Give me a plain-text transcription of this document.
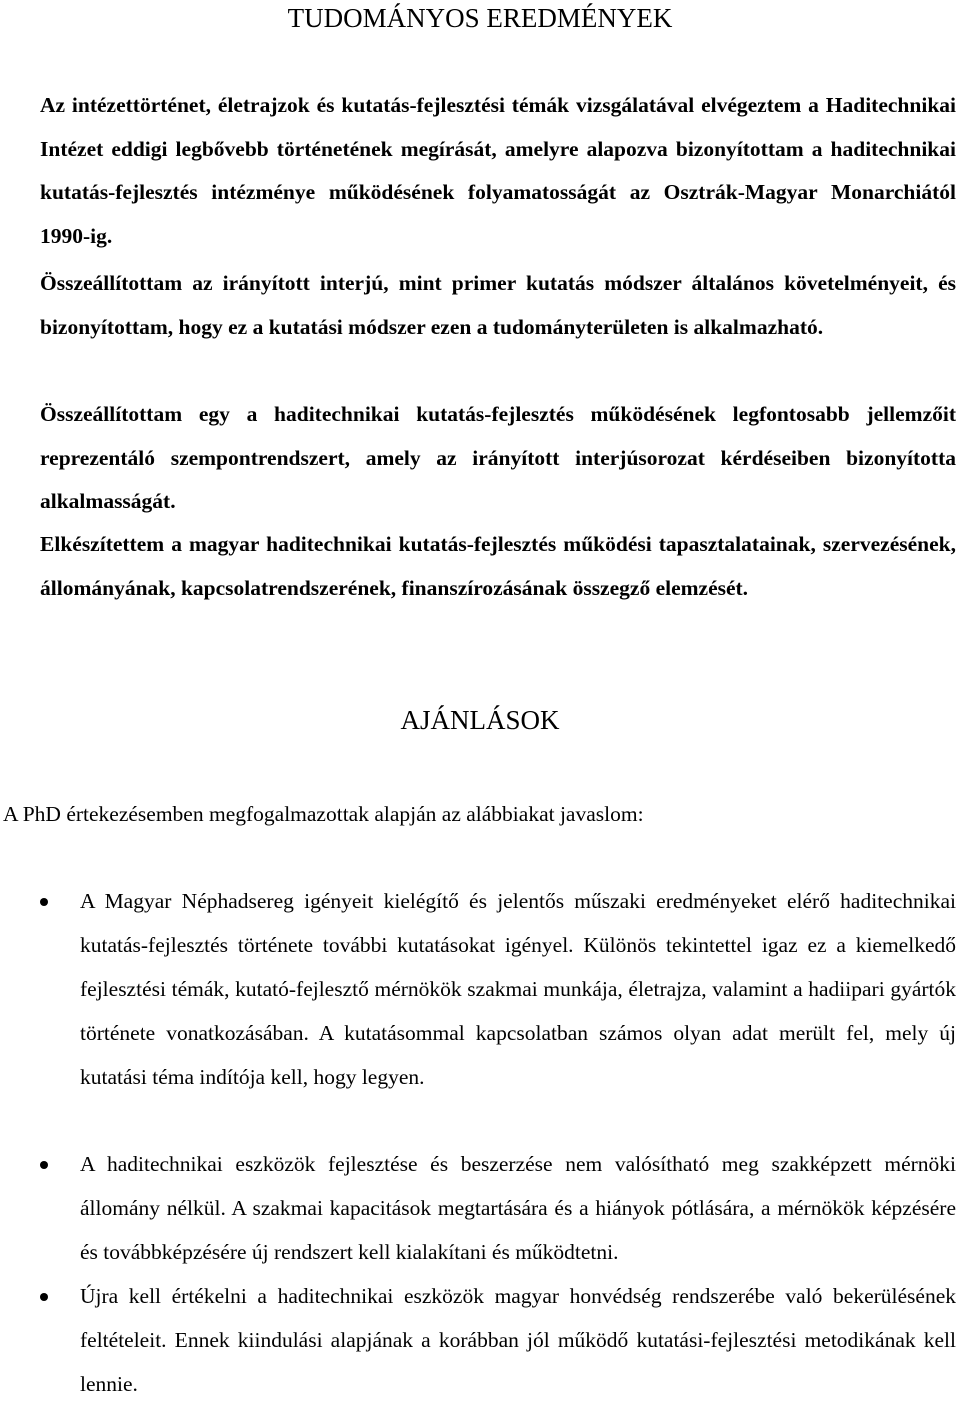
TUDOMÁNYOS EREDMÉNYEK

Az intézettörténet, életrajzok és kutatás-fejlesztési témák vizsgálatával elvégeztem a Haditechnikai Intézet eddigi legbővebb történetének megírását, amelyre alapozva bizonyítottam a haditechnikai kutatás-fejlesztés intézménye működésének folyamatosságát az Osztrák-Magyar Monarchiától 1990-ig.

Összeállítottam az irányított interjú, mint primer kutatás módszer általános követelményeit, és bizonyítottam, hogy ez a kutatási módszer ezen a tudományterületen is alkalmazható.

Összeállítottam egy a haditechnikai kutatás-fejlesztés működésének legfontosabb jellemzőit reprezentáló szempontrendszert, amely az irányított interjúsorozat kérdéseiben bizonyította alkalmasságát.

Elkészítettem a magyar haditechnikai kutatás-fejlesztés működési tapasztalatainak, szervezésének, állományának, kapcsolatrendszerének, finanszírozásának összegző elemzését.

AJÁNLÁSOK

A PhD értekezésemben megfogalmazottak alapján az alábbiakat javaslom:

A Magyar Néphadsereg igényeit kielégítő és jelentős műszaki eredményeket elérő haditechnikai kutatás-fejlesztés története további kutatásokat igényel. Különös tekintettel igaz ez a kiemelkedő fejlesztési témák, kutató-fejlesztő mérnökök szakmai munkája, életrajza, valamint a hadiipari gyártók története vonatkozásában. A kutatásommal kapcsolatban számos olyan adat merült fel, mely új kutatási téma indítója kell, hogy legyen.
A haditechnikai eszközök fejlesztése és beszerzése nem valósítható meg szakképzett mérnöki állomány nélkül. A szakmai kapacitások megtartására és a hiányok pótlására, a mérnökök képzésére és továbbképzésére új rendszert kell kialakítani és működtetni.
Újra kell értékelni a haditechnikai eszközök magyar honvédség rendszerébe való bekerülésének feltételeit. Ennek kiindulási alapjának a korábban jól működő kutatási-fejlesztési metodikának kell lennie.
